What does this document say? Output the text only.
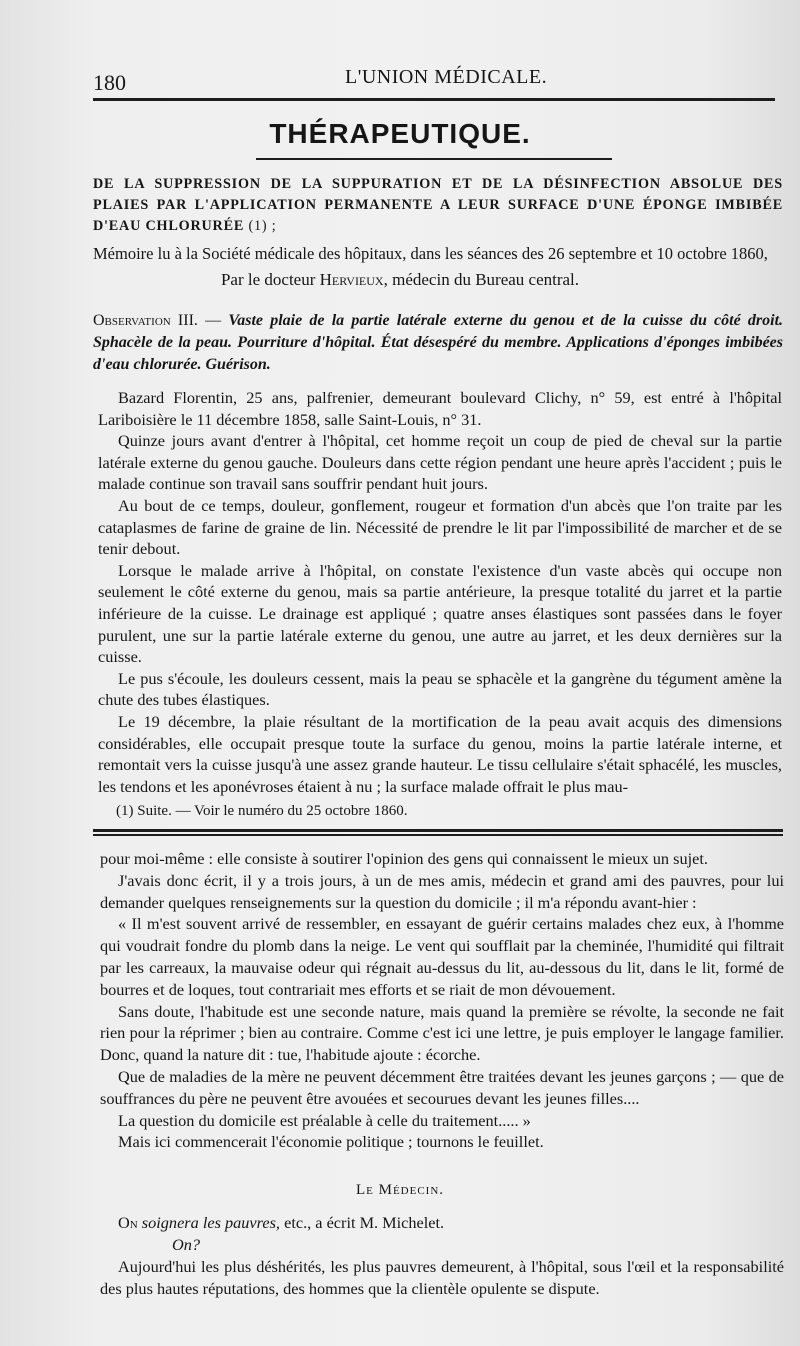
180	L'UNION MÉDICALE.
THÉRAPEUTIQUE.
DE LA SUPPRESSION DE LA SUPPURATION ET DE LA DÉSINFECTION ABSOLUE DES PLAIES PAR L'APPLICATION PERMANENTE A LEUR SURFACE D'UNE ÉPONGE IMBIBÉE D'EAU CHLORURÉE (1) ;
Mémoire lu à la Société médicale des hôpitaux, dans les séances des 26 septembre et 10 octobre 1860,
Par le docteur Hervieux, médecin du Bureau central.
Observation III. — Vaste plaie de la partie latérale externe du genou et de la cuisse du côté droit. Sphacèle de la peau. Pourriture d'hôpital. État désespéré du membre. Applications d'éponges imbibées d'eau chlorurée. Guérison.

Bazard Florentin, 25 ans, palfrenier, demeurant boulevard Clichy, n° 59, est entré à l'hôpital Lariboisière le 11 décembre 1858, salle Saint-Louis, n° 31.

Quinze jours avant d'entrer à l'hôpital, cet homme reçoit un coup de pied de cheval sur la partie latérale externe du genou gauche. Douleurs dans cette région pendant une heure après l'accident ; puis le malade continue son travail sans souffrir pendant huit jours.

Au bout de ce temps, douleur, gonflement, rougeur et formation d'un abcès que l'on traite par les cataplasmes de farine de graine de lin. Nécessité de prendre le lit par l'impossibilité de marcher et de se tenir debout.

Lorsque le malade arrive à l'hôpital, on constate l'existence d'un vaste abcès qui occupe non seulement le côté externe du genou, mais sa partie antérieure, la presque totalité du jarret et la partie inférieure de la cuisse. Le drainage est appliqué ; quatre anses élastiques sont passées dans le foyer purulent, une sur la partie latérale externe du genou, une autre au jarret, et les deux dernières sur la cuisse.

Le pus s'écoule, les douleurs cessent, mais la peau se sphacèle et la gangrène du tégument amène la chute des tubes élastiques.

Le 19 décembre, la plaie résultant de la mortification de la peau avait acquis des dimensions considérables, elle occupait presque toute la surface du genou, moins la partie latérale interne, et remontait vers la cuisse jusqu'à une assez grande hauteur. Le tissu cellulaire s'était sphacélé, les muscles, les tendons et les aponévroses étaient à nu ; la surface malade offrait le plus mau-

(1) Suite. — Voir le numéro du 25 octobre 1860.

pour moi-même : elle consiste à soutirer l'opinion des gens qui connaissent le mieux un sujet.

J'avais donc écrit, il y a trois jours, à un de mes amis, médecin et grand ami des pauvres, pour lui demander quelques renseignements sur la question du domicile ; il m'a répondu avant-hier :

« Il m'est souvent arrivé de ressembler, en essayant de guérir certains malades chez eux, à l'homme qui voudrait fondre du plomb dans la neige. Le vent qui soufflait par la cheminée, l'humidité qui filtrait par les carreaux, la mauvaise odeur qui régnait au-dessus du lit, au-dessous du lit, dans le lit, formé de bourres et de loques, tout contrariait mes efforts et se riait de mon dévouement.

Sans doute, l'habitude est une seconde nature, mais quand la première se révolte, la seconde ne fait rien pour la réprimer ; bien au contraire. Comme c'est ici une lettre, je puis employer le langage familier. Donc, quand la nature dit : tue, l'habitude ajoute : écorche.

Que de maladies de la mère ne peuvent décemment être traitées devant les jeunes garçons ; — que de souffrances du père ne peuvent être avouées et secourues devant les jeunes filles....

La question du domicile est préalable à celle du traitement..... »

Mais ici commencerait l'économie politique ; tournons le feuillet.

Le Médecin.

On soignera les pauvres, etc., a écrit M. Michelet.

On?

Aujourd'hui les plus déshérités, les plus pauvres demeurent, à l'hôpital, sous l'œil et la responsabilité des plus hautes réputations, des hommes que la clientèle opulente se dispute.
